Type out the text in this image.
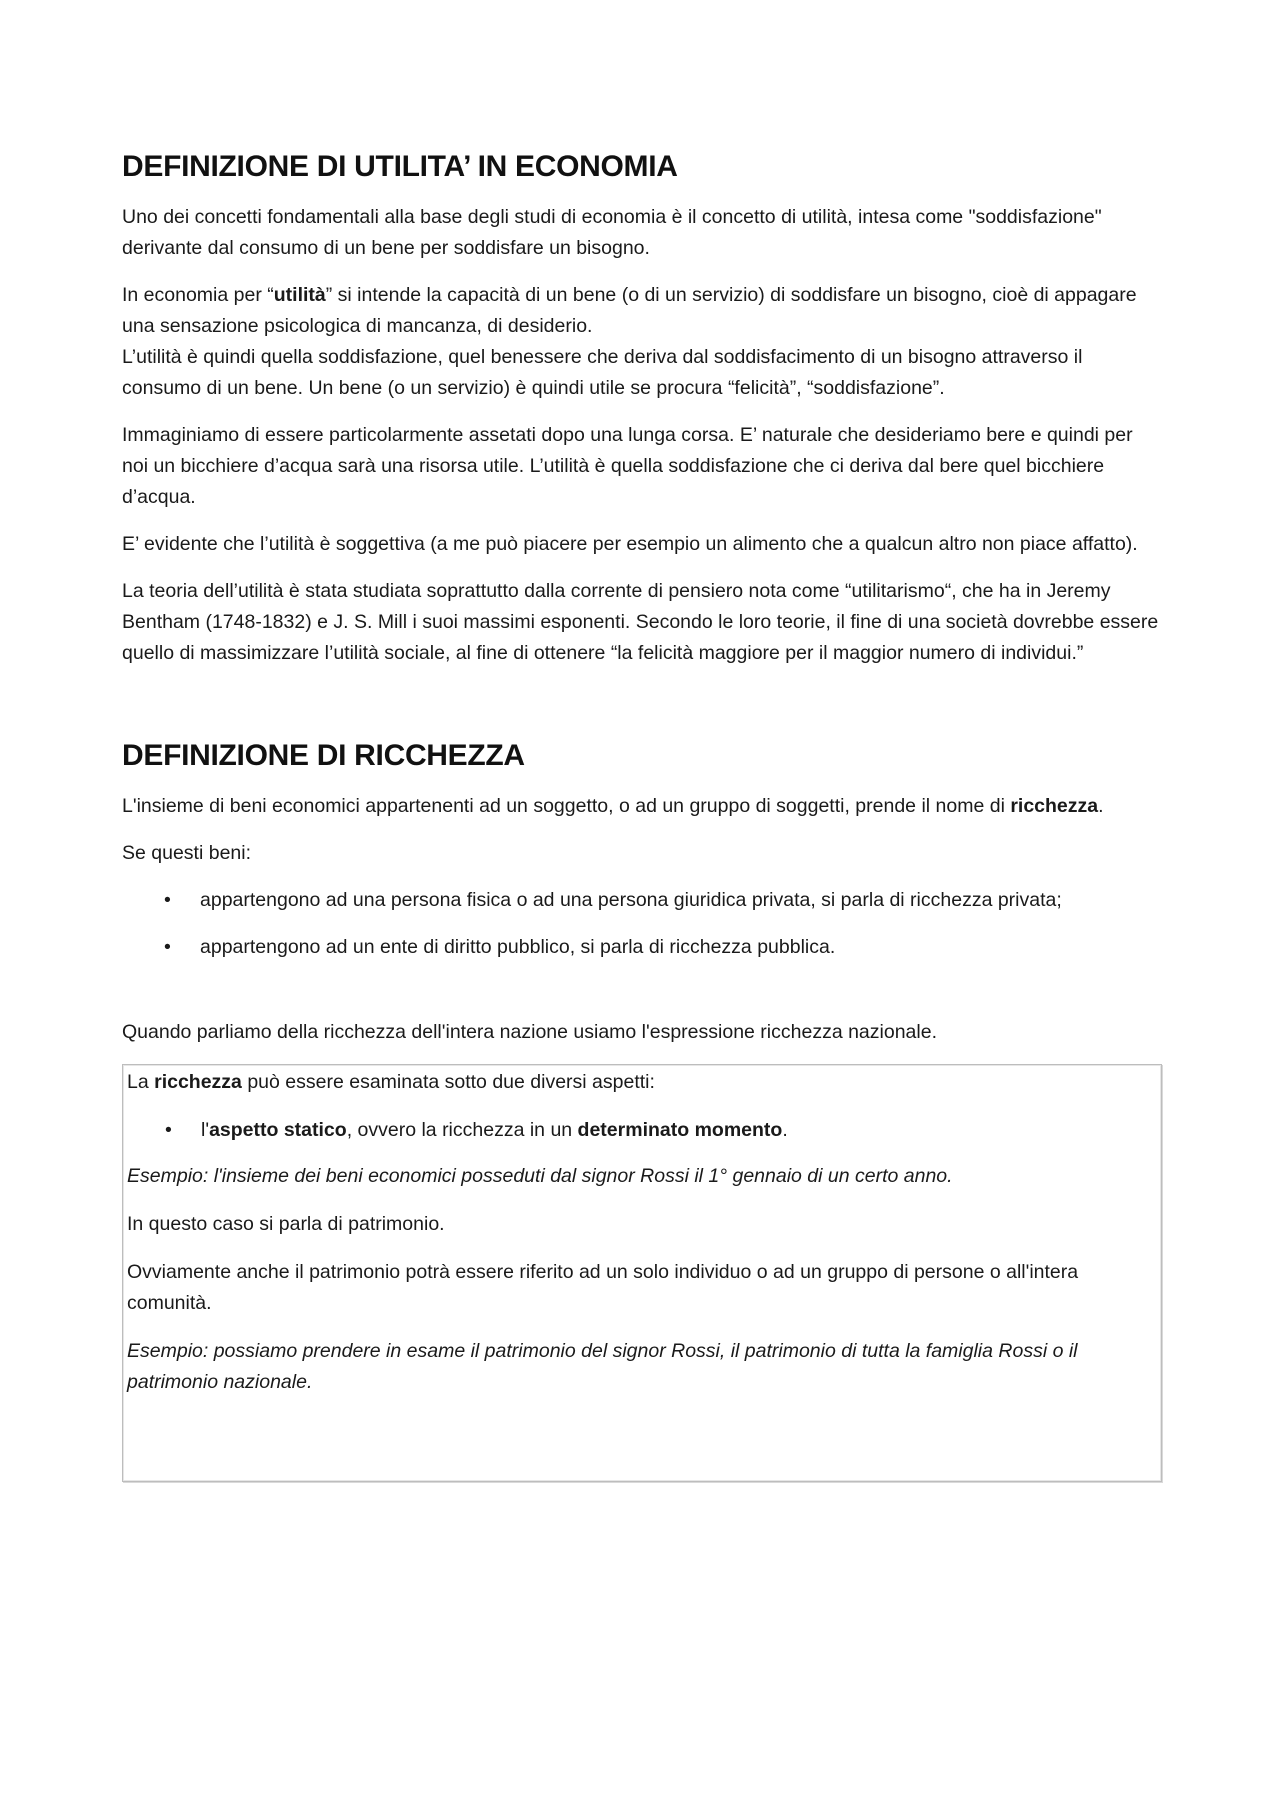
DEFINIZIONE DI UTILITA’ IN ECONOMIA

Uno dei concetti fondamentali alla base degli studi di economia è il concetto di utilità, intesa come "soddisfazione" derivante dal consumo di un bene per soddisfare un bisogno.

In economia per “utilità” si intende la capacità di un bene (o di un servizio) di soddisfare un bisogno, cioè di appagare una sensazione psicologica di mancanza, di desiderio.
L’utilità è quindi quella soddisfazione, quel benessere che deriva dal soddisfacimento di un bisogno attraverso il consumo di un bene. Un bene (o un servizio) è quindi utile se procura “felicità”, “soddisfazione”.

Immaginiamo di essere particolarmente assetati dopo una lunga corsa. E’ naturale che desideriamo bere e quindi per noi un bicchiere d’acqua sarà una risorsa utile. L’utilità è quella soddisfazione che ci deriva dal bere quel bicchiere d’acqua.

E’ evidente che l’utilità è soggettiva (a me può piacere per esempio un alimento che a qualcun altro non piace affatto).

La teoria dell’utilità è stata studiata soprattutto dalla corrente di pensiero nota come “utilitarismo“, che ha in Jeremy Bentham (1748-1832) e J. S. Mill i suoi massimi esponenti. Secondo le loro teorie, il fine di una società dovrebbe essere quello di massimizzare l’utilità sociale, al fine di ottenere “la felicità maggiore per il maggior numero di individui.”

DEFINIZIONE DI RICCHEZZA

L'insieme di beni economici appartenenti ad un soggetto, o ad un gruppo di soggetti, prende il nome di ricchezza.

Se questi beni:

• appartengono ad una persona fisica o ad una persona giuridica privata, si parla di ricchezza privata;
• appartengono ad un ente di diritto pubblico, si parla di ricchezza pubblica.

Quando parliamo della ricchezza dell'intera nazione usiamo l'espressione ricchezza nazionale.

La ricchezza può essere esaminata sotto due diversi aspetti:

• l'aspetto statico, ovvero la ricchezza in un determinato momento.

Esempio: l'insieme dei beni economici posseduti dal signor Rossi il 1° gennaio di un certo anno.

In questo caso si parla di patrimonio.

Ovviamente anche il patrimonio potrà essere riferito ad un solo individuo o ad un gruppo di persone o all'intera comunità.

Esempio: possiamo prendere in esame il patrimonio del signor Rossi, il patrimonio di tutta la famiglia Rossi o il patrimonio nazionale.
